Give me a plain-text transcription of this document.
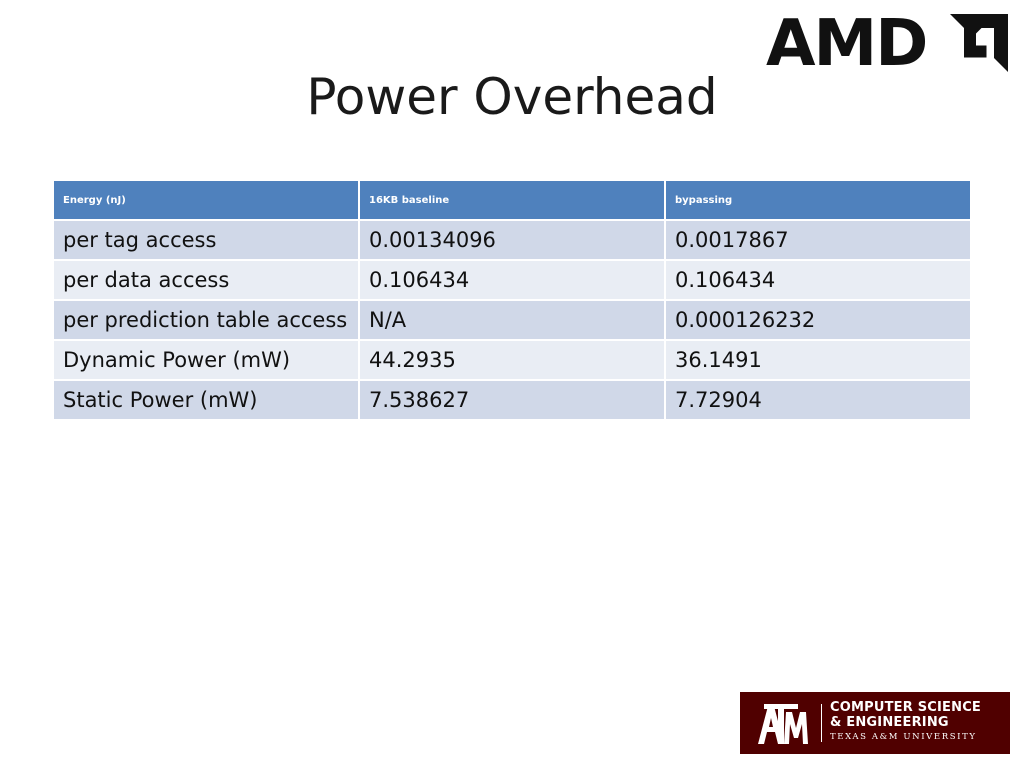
AMD
Power Overhead
Energy (nJ)	16KB baseline	bypassing
per tag access	0.00134096	0.0017867
per data access	0.106434	0.106434
per prediction table access	N/A	0.000126232
Dynamic Power (mW)	44.2935	36.1491
Static Power (mW)	7.538627	7.72904
COMPUTER SCIENCE
& ENGINEERING
TEXAS A&M UNIVERSITY
